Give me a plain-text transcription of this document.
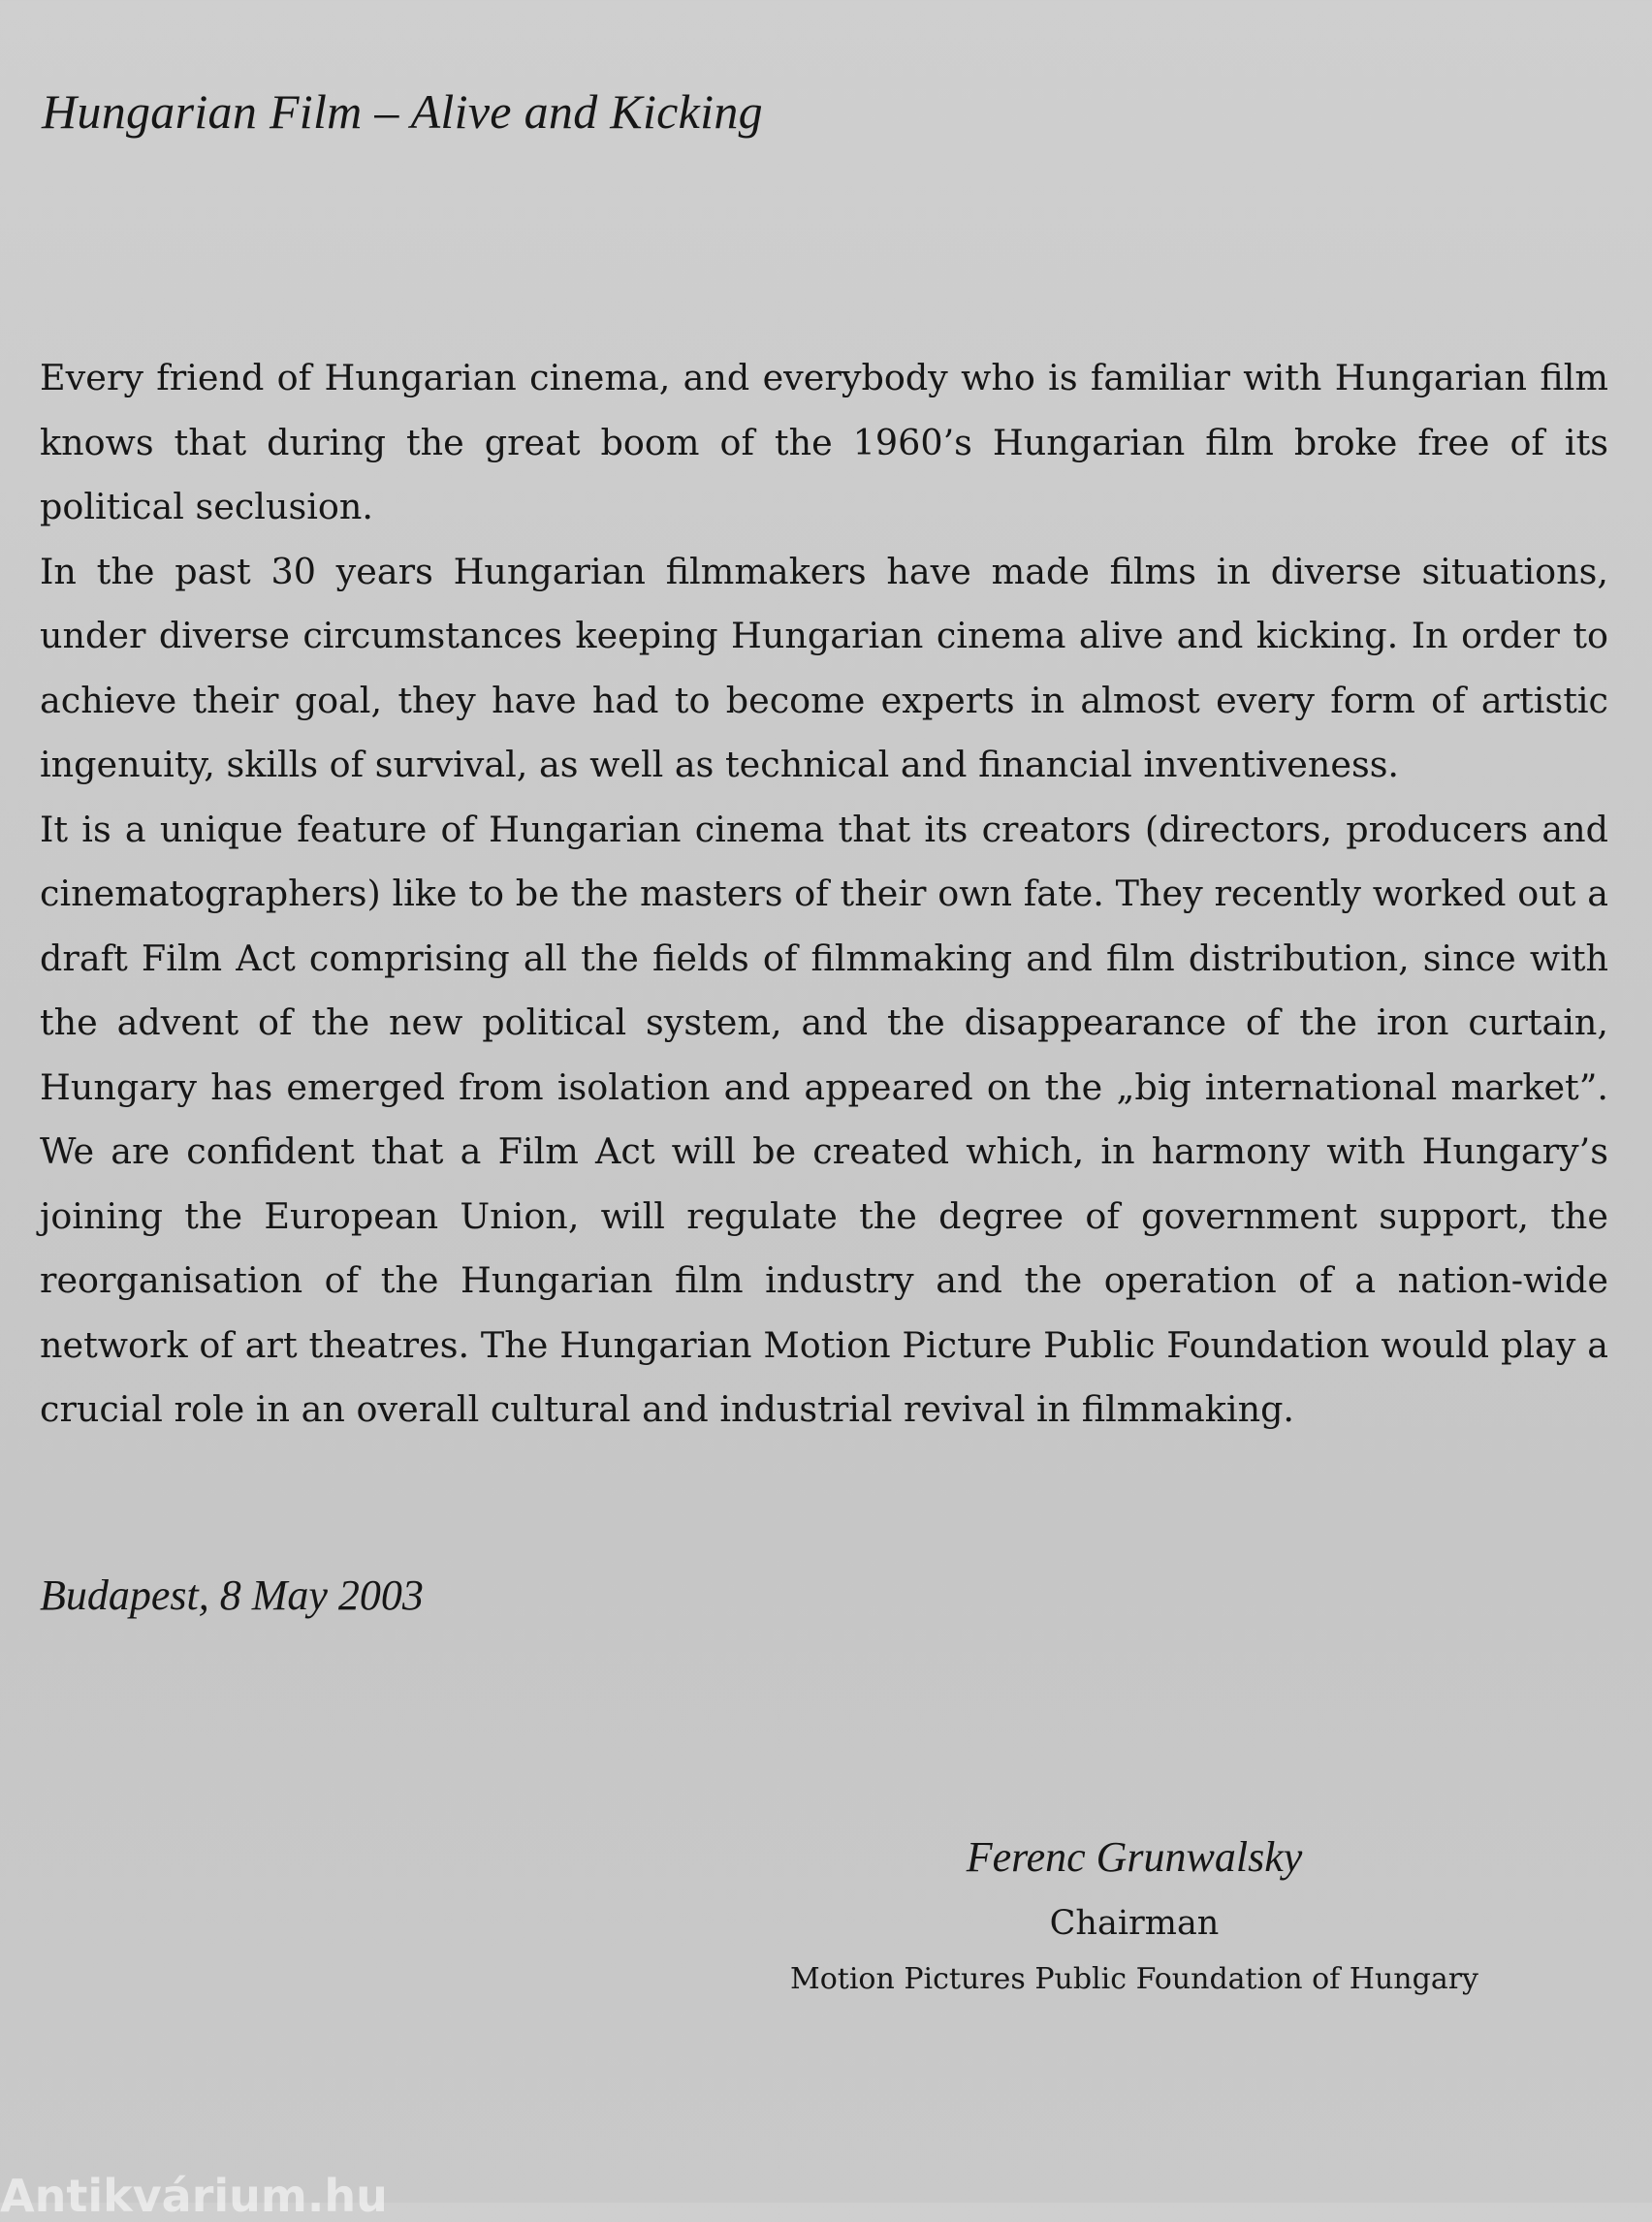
Hungarian Film – Alive and Kicking

Every friend of Hungarian cinema, and everybody who is familiar with Hungarian film knows that during the great boom of the 1960’s Hungarian film broke free of its political seclusion.

In the past 30 years Hungarian filmmakers have made films in diverse situations, under diverse circumstances keeping Hungarian cinema alive and kicking. In order to achieve their goal, they have had to become experts in almost every form of artistic ingenuity, skills of survival, as well as technical and financial inventiveness.

It is a unique feature of Hungarian cinema that its creators (directors, producers and cinematographers) like to be the masters of their own fate. They recently worked out a draft Film Act comprising all the fields of filmmaking and film distribution, since with the advent of the new political system, and the disappearance of the iron curtain, Hungary has emerged from isolation and appeared on the „big international market”. We are confident that a Film Act will be created which, in harmony with Hungary’s joining the European Union, will regulate the degree of government support, the reorganisation of the Hungarian film industry and the operation of a nation-wide network of art theatres. The Hungarian Motion Picture Public Foundation would play a crucial role in an overall cultural and industrial revival in filmmaking.

Budapest, 8 May 2003
Ferenc Grunwalsky
Chairman
Motion Pictures Public Foundation of Hungary
Antikvárium.hu
